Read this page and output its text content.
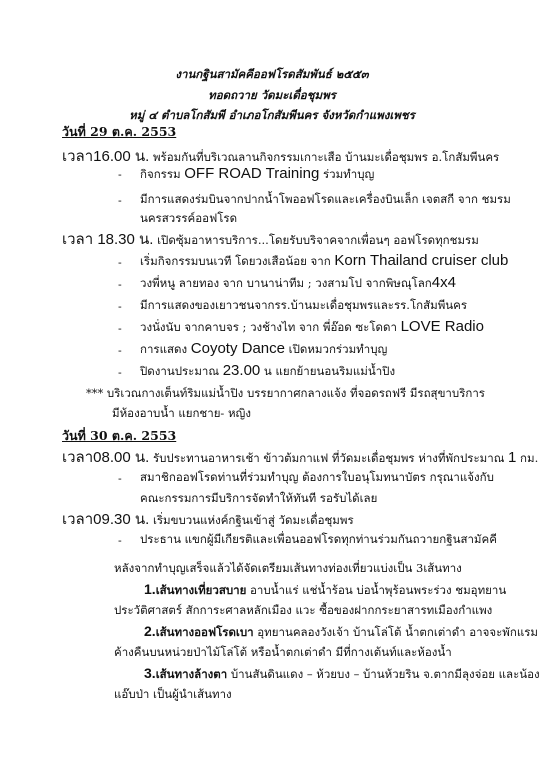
งานกฐินสามัคคีออฟโรดสัมพันธ์ ๒๕๕๓
ทอดถวาย วัดมะเดื่อชุมพร
หมู่ ๔ ตำบลโกสัมพี อำเภอโกสัมพีนคร จังหวัดกำแพงเพชร
วันที่ 29 ต.ค. 2553
เวลา16.00 น. พร้อมกันที่บริเวณลานกิจกรรมเกาะเสือ บ้านมะเดื่อชุมพร อ.โกสัมพีนคร
- กิจกรรม OFF ROAD Training ร่วมทำบุญ
- มีการแสดงร่มบินจากปากน้ำโพออฟโรดและเครื่องบินเล็ก เจตสกี จาก ชมรม
นครสวรรค์ออฟโรด
เวลา 18.30 น. เปิดซุ้มอาหารบริการ...โดยรับบริจาคจากเพื่อนๆ ออฟโรดทุกชมรม
- เริ่มกิจกรรมบนเวที โดยวงเสือน้อย จาก Korn Thailand cruiser club
- วงพี่หนู ลายทอง จาก บานาน่าทีม ; วงสามโป จากพิษณุโลก4x4
- มีการแสดงของเยาวชนจากรร.บ้านมะเดื่อชุมพรและรร.โกสัมพีนคร
- วงนั่งนับ จากคาบจร ; วงช้างไท จาก พี่อ๊อด ซะโดดา LOVE Radio
- การแสดง Coyoty Dance เปิดหมวกร่วมทำบุญ
- ปิดงานประมาณ 23.00 น แยกย้ายนอนริมแม่น้ำปิง
*** บริเวณกางเต็นท์ริมแม่น้ำปิง บรรยากาศกลางแจ้ง ที่จอดรถฟรี มีรถสุขาบริการ
มีห้องอาบน้ำ แยกชาย- หญิง
วันที่ 30 ต.ค. 2553
เวลา08.00 น. รับประทานอาหารเช้า ข้าวต้มกาแฟ ที่วัดมะเดื่อชุมพร ห่างที่พักประมาณ 1 กม.
- สมาชิกออฟโรดท่านที่ร่วมทำบุญ ต้องการใบอนุโมทนาบัตร กรุณาแจ้งกับ
คณะกรรมการมีบริการจัดทำให้ทันที รอรับได้เลย
เวลา09.30 น. เริ่มขบวนแห่งค์กฐินเข้าสู่ วัดมะเดื่อชุมพร
- ประธาน แขกผู้มีเกียรติและเพื่อนออฟโรดทุกท่านร่วมกันถวายกฐินสามัคคี
หลังจากทำบุญเสร็จแล้วได้จัดเตรียมเส้นทางท่องเที่ยวแบ่งเป็น 3เส้นทาง
1.เส้นทางเที่ยวสบาย อาบน้ำแร่ แช่น้ำร้อน บ่อน้ำพุร้อนพระร่วง ชมอุทยาน
ประวัติศาสตร์ สักการะศาลหลักเมือง แวะ ซื้อของฝากกระยาสารทเมืองกำแพง
2.เส้นทางออฟโรดเบา อุทยานคลองวังเจ้า บ้านโล่โต้ น้ำตกเต่าดำ อาจจะพักแรม
ค้างคืนบนหน่วยป่าไม้โล่โต้ หรือน้ำตกเต่าดำ มีที่กางเต้นท์และห้องน้ำ
3.เส้นทางล้างตา บ้านสันดินแดง – ห้วยบง – บ้านห้วยริน จ.ตากมีลุงจ่อย และน้อง
แอ๊บป่า เป็นผู้นำเส้นทาง
